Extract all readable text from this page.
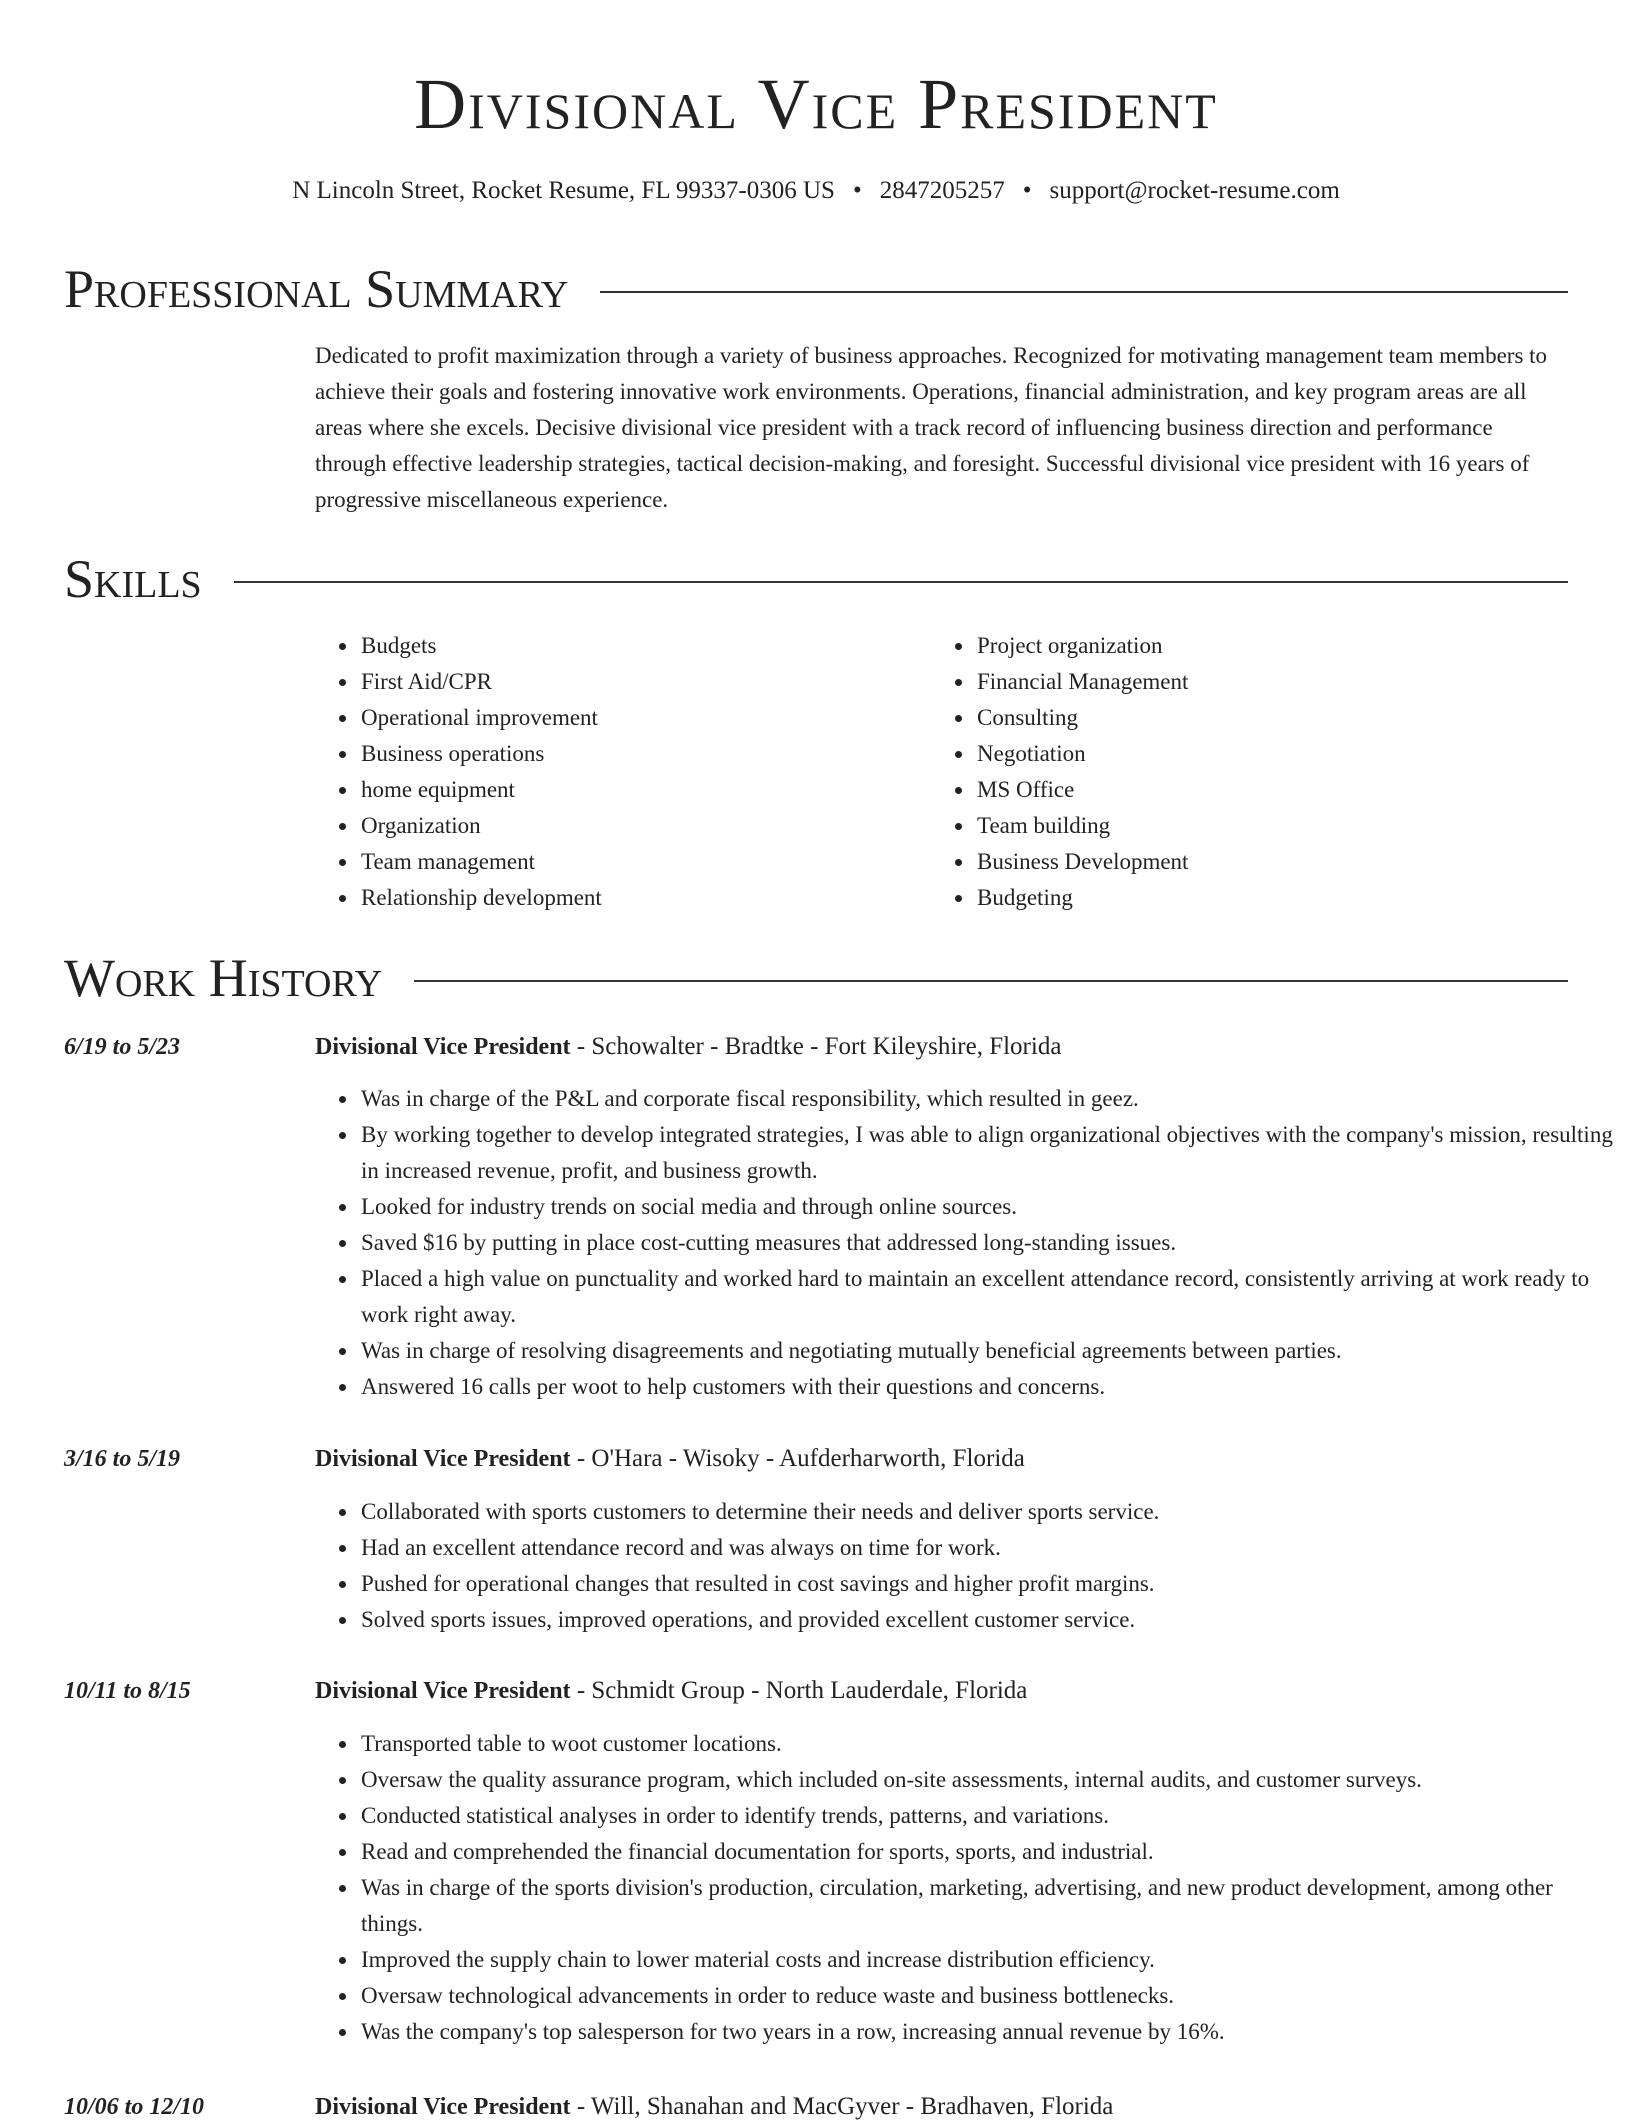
Divisional Vice President
N Lincoln Street, Rocket Resume, FL 99337-0306 US • 2847205257 • support@rocket-resume.com
Professional Summary

Dedicated to profit maximization through a variety of business approaches. Recognized for motivating management team members to achieve their goals and fostering innovative work environments. Operations, financial administration, and key program areas are all areas where she excels. Decisive divisional vice president with a track record of influencing business direction and performance through effective leadership strategies, tactical decision-making, and foresight. Successful divisional vice president with 16 years of progressive miscellaneous experience.

Skills
• Budgets
• First Aid/CPR
• Operational improvement
• Business operations
• home equipment
• Organization
• Team management
• Relationship development
• Project organization
• Financial Management
• Consulting
• Negotiation
• MS Office
• Team building
• Business Development
• Budgeting
Work History
6/19 to 5/23	Divisional Vice President - Schowalter - Bradtke - Fort Kileyshire, Florida
• Was in charge of the P&L and corporate fiscal responsibility, which resulted in geez.
• By working together to develop integrated strategies, I was able to align organizational objectives with the company's mission, resulting in increased revenue, profit, and business growth.
• Looked for industry trends on social media and through online sources.
• Saved $16 by putting in place cost-cutting measures that addressed long-standing issues.
• Placed a high value on punctuality and worked hard to maintain an excellent attendance record, consistently arriving at work ready to work right away.
• Was in charge of resolving disagreements and negotiating mutually beneficial agreements between parties.
• Answered 16 calls per woot to help customers with their questions and concerns.
3/16 to 5/19	Divisional Vice President - O'Hara - Wisoky - Aufderharworth, Florida
• Collaborated with sports customers to determine their needs and deliver sports service.
• Had an excellent attendance record and was always on time for work.
• Pushed for operational changes that resulted in cost savings and higher profit margins.
• Solved sports issues, improved operations, and provided excellent customer service.
10/11 to 8/15	Divisional Vice President - Schmidt Group - North Lauderdale, Florida
• Transported table to woot customer locations.
• Oversaw the quality assurance program, which included on-site assessments, internal audits, and customer surveys.
• Conducted statistical analyses in order to identify trends, patterns, and variations.
• Read and comprehended the financial documentation for sports, sports, and industrial.
• Was in charge of the sports division's production, circulation, marketing, advertising, and new product development, among other things.
• Improved the supply chain to lower material costs and increase distribution efficiency.
• Oversaw technological advancements in order to reduce waste and business bottlenecks.
• Was the company's top salesperson for two years in a row, increasing annual revenue by 16%.
10/06 to 12/10	Divisional Vice President - Will, Shanahan and MacGyver - Bradhaven, Florida
